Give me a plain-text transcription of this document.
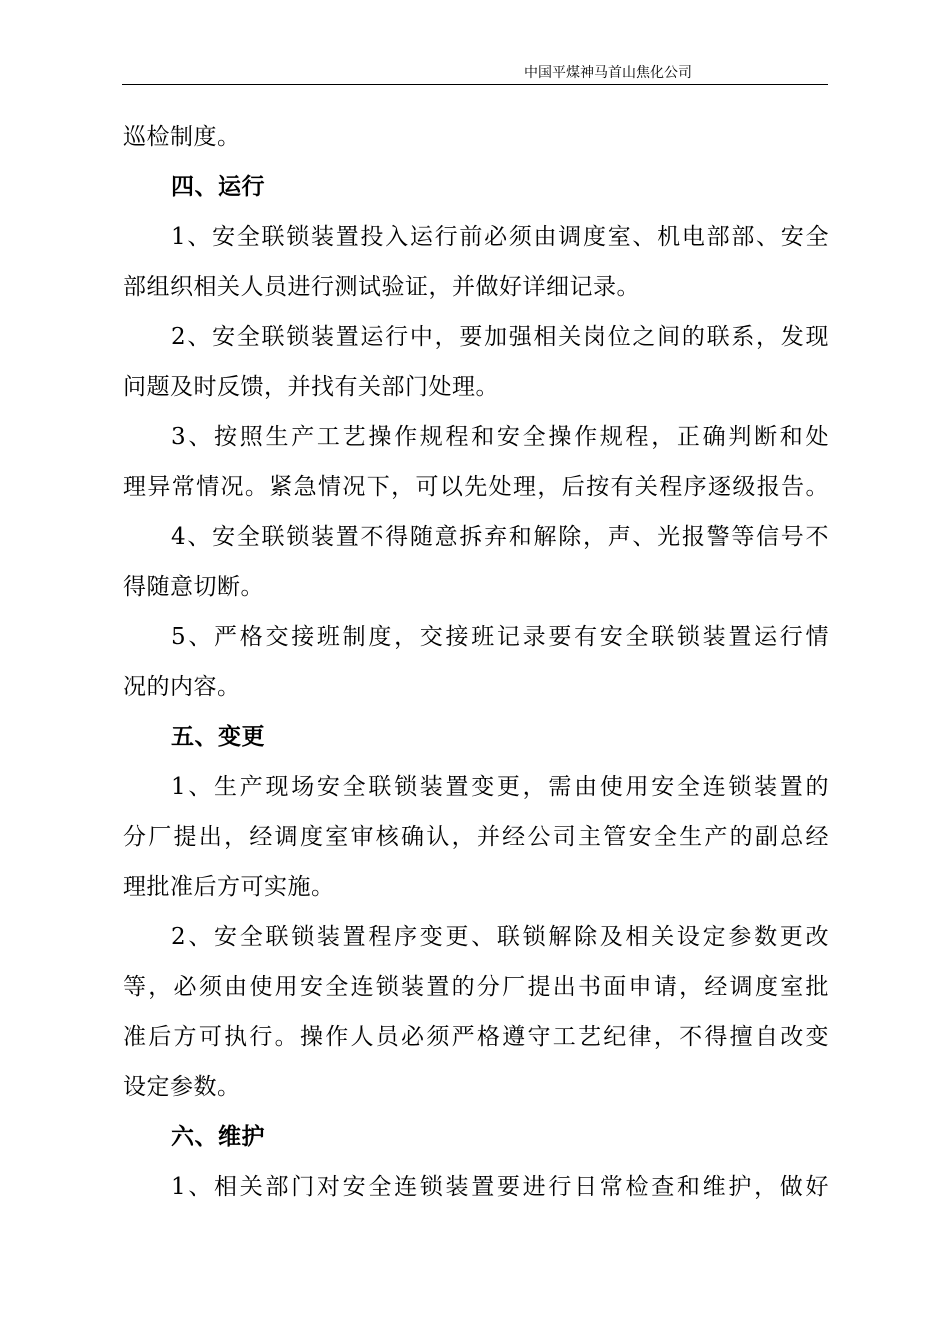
中国平煤神马首山焦化公司
巡检制度。
四、运行
1、安全联锁装置投入运行前必须由调度室、机电部部、安全
部组织相关人员进行测试验证，并做好详细记录。
2、安全联锁装置运行中，要加强相关岗位之间的联系，发现
问题及时反馈，并找有关部门处理。
3、按照生产工艺操作规程和安全操作规程，正确判断和处
理异常情况。紧急情况下，可以先处理，后按有关程序逐级报告。
4、安全联锁装置不得随意拆弃和解除，声、光报警等信号不
得随意切断。
5、严格交接班制度，交接班记录要有安全联锁装置运行情
况的内容。
五、变更
1、生产现场安全联锁装置变更，需由使用安全连锁装置的
分厂提出，经调度室审核确认，并经公司主管安全生产的副总经
理批准后方可实施。
2、安全联锁装置程序变更、联锁解除及相关设定参数更改
等，必须由使用安全连锁装置的分厂提出书面申请，经调度室批
准后方可执行。操作人员必须严格遵守工艺纪律，不得擅自改变
设定参数。
六、维护
1、相关部门对安全连锁装置要进行日常检查和维护，做好
